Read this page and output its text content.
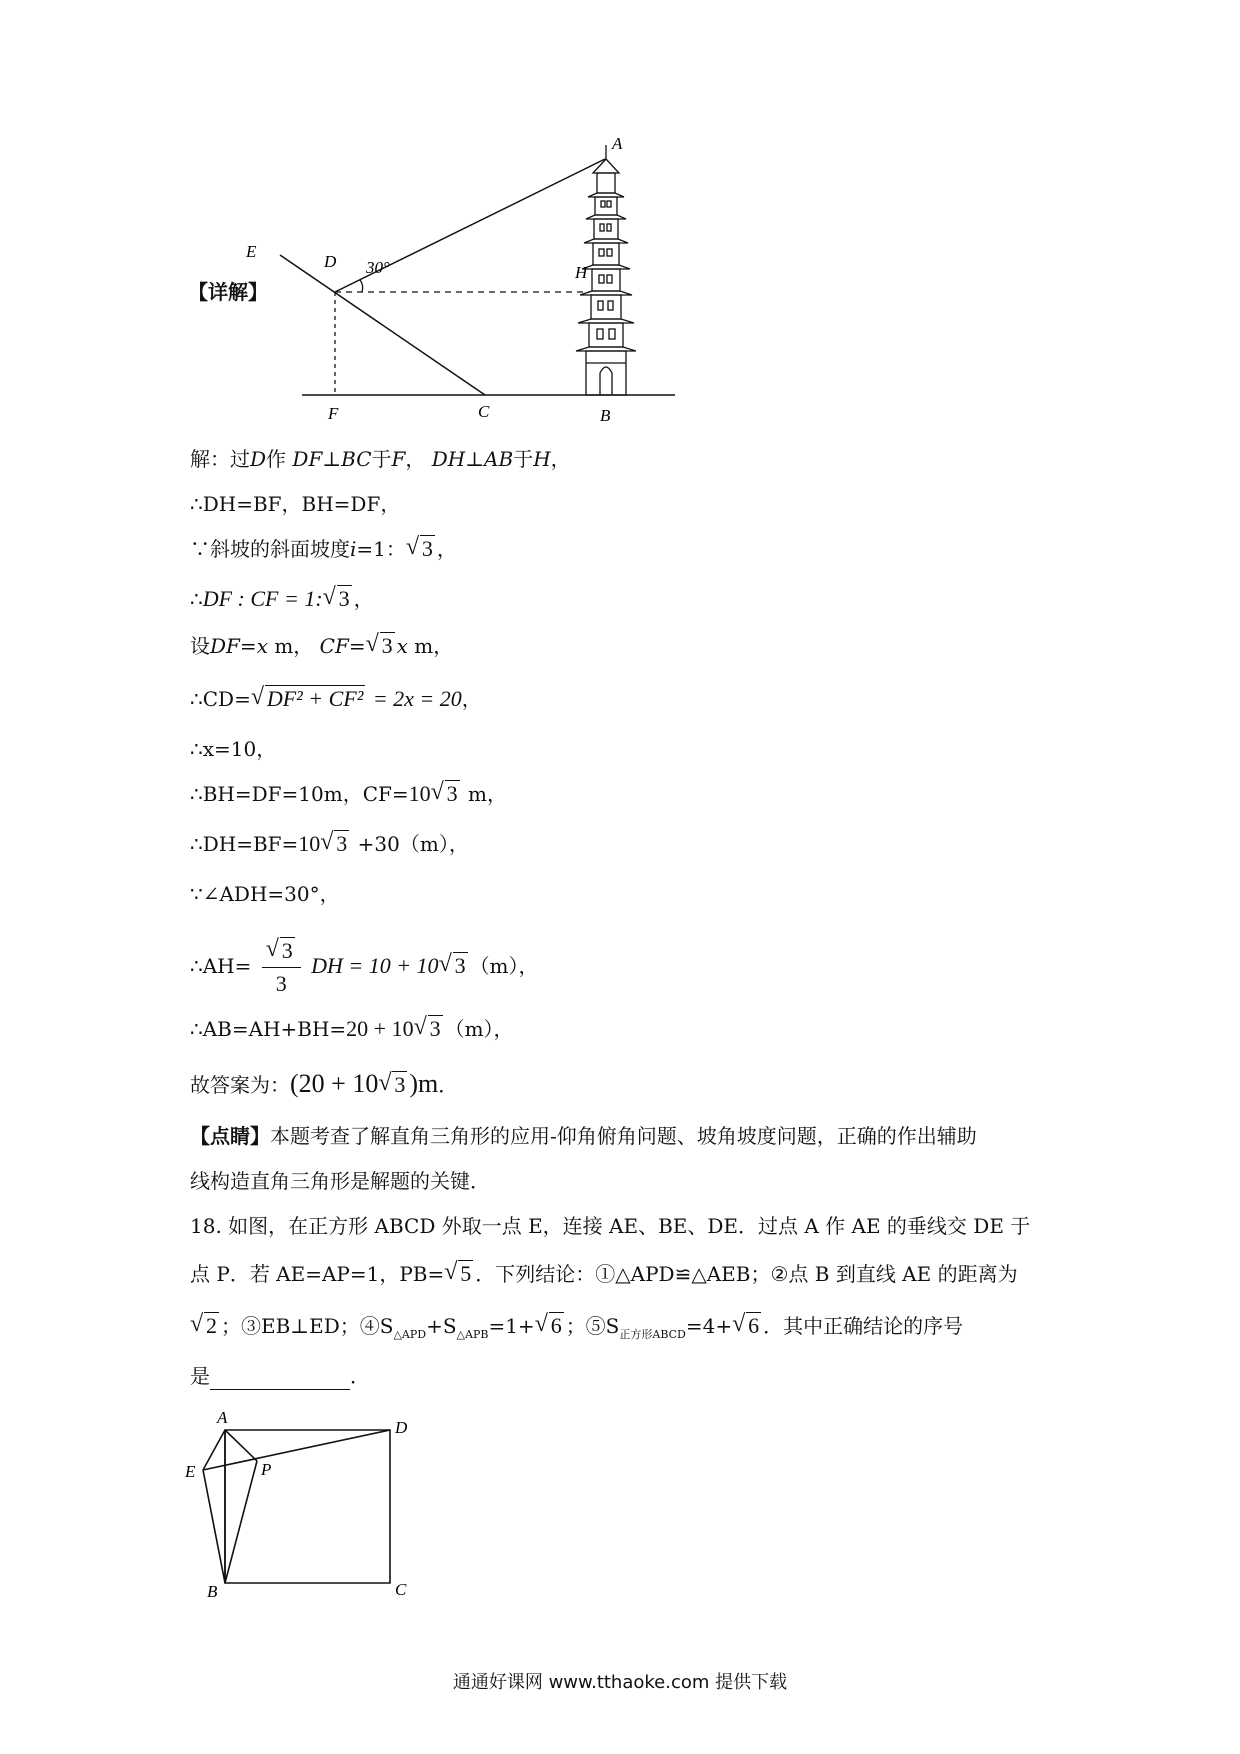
A
E
D
H
30°
F	C	B
【详解】
解：过D作 DF⊥BC于F， DH⊥AB于H，
∴DH=BF，BH=DF，
∵斜坡的斜面坡度i=1：√ 3 ，
∴DF : CF = 1:√ 3 ，
设DF=x m， CF=√ 3 x m，
∴CD=√ DF² + CF² = 2x = 20，
∴x=10，
∴BH=DF=10m，CF=10√ 3 m，
∴DH=BF=10√ 3 +30（m），
∵∠ADH=30°，
∴AH=
√ $\frac{3}{3}$ DH = 10 + 10√ 3 （m），
∴AB=AH+BH=20 + 10√ 3 （m），
故答案为：(20 + 10√ 3 )m．
【点睛】本题考查了解直角三角形的应用-仰角俯角问题、坡角坡度问题，正确的作出辅助
线构造直角三角形是解题的关键．
18. 如图，在正方形 ABCD 外取一点 E，连接 AE、BE、DE．过点 A 作 AE 的垂线交 DE 于
点 P．若 AE=AP=1，PB=√ 5 ．下列结论：①△APD≌△AEB；②点 B 到直线 AE 的距离为
√ 2 ；③EB⊥ED；$④S_{\triangle APD}+S_{\triangle APB}=1+√$ 6 ；$⑤S_{正方形ABCD}=4+√$ 6 ．其中正确结论的序号
是	．
A
D
E	P
B	C
通通好课网 www.tthaoke.com 提供下载
